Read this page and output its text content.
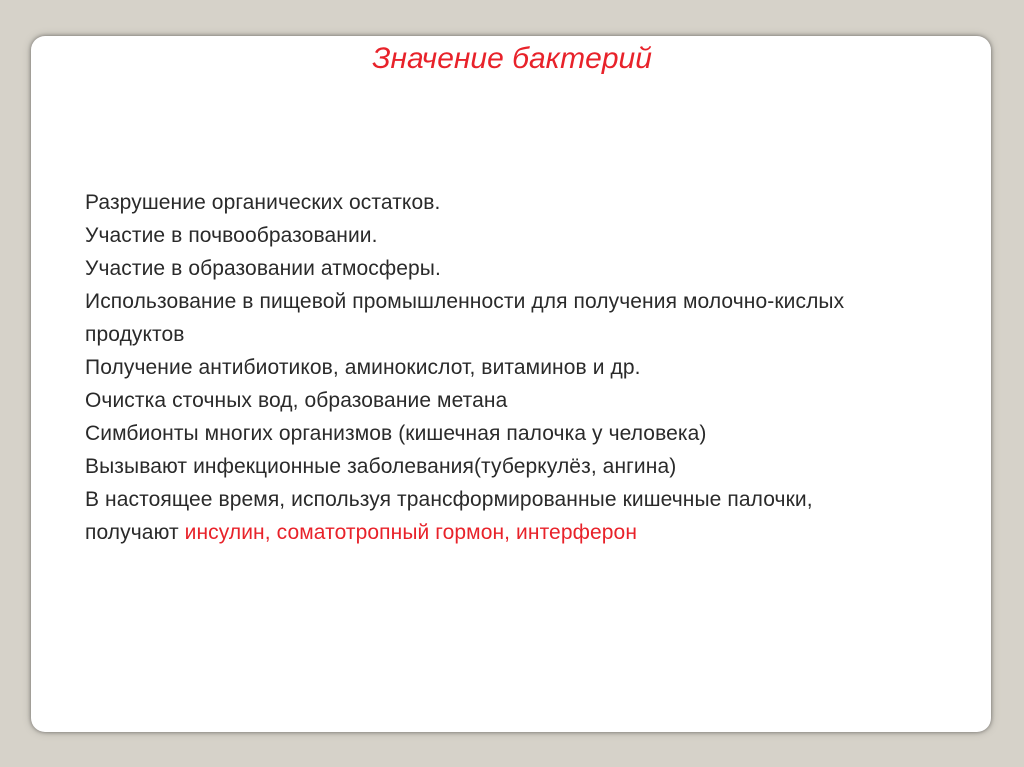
Значение бактерий
Разрушение органических остатков.
Участие в почвообразовании.
Участие в образовании атмосферы.
Использование в пищевой промышленности для получения молочно-кислых продуктов
Получение антибиотиков, аминокислот, витаминов и др.
Очистка сточных вод, образование метана
Симбионты многих организмов (кишечная палочка у человека)
Вызывают инфекционные заболевания(туберкулёз, ангина)
В настоящее время, используя трансформированные кишечные палочки, получают инсулин, соматотропный гормон, интерферон
